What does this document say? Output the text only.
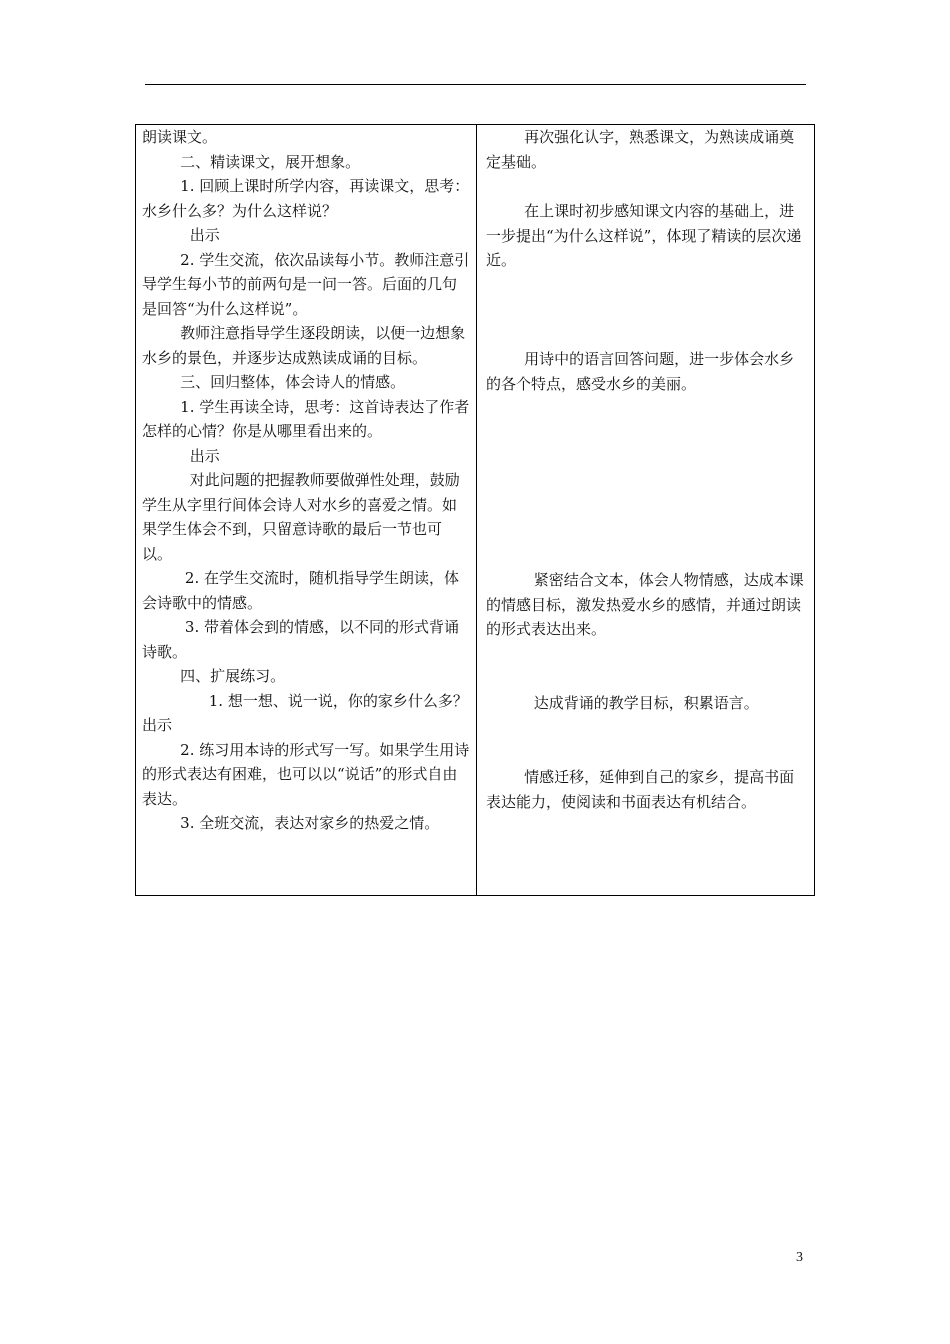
朗读课文。

二、精读课文，展开想象。

1. 回顾上课时所学内容，再读课文，思考：水乡什么多？为什么这样说？

出示

2. 学生交流，依次品读每小节。教师注意引导学生每小节的前两句是一问一答。后面的几句是回答“为什么这样说”。

教师注意指导学生逐段朗读，以便一边想象水乡的景色，并逐步达成熟读成诵的目标。

三、回归整体，体会诗人的情感。

1. 学生再读全诗，思考：这首诗表达了作者怎样的心情？你是从哪里看出来的。

出示

对此问题的把握教师要做弹性处理，鼓励学生从字里行间体会诗人对水乡的喜爱之情。如果学生体会不到，只留意诗歌的最后一节也可以。

2. 在学生交流时，随机指导学生朗读，体会诗歌中的情感。

3. 带着体会到的情感，以不同的形式背诵诗歌。

四、扩展练习。

1. 想一想、说一说，你的家乡什么多？出示

2. 练习用本诗的形式写一写。如果学生用诗的形式表达有困难，也可以以“说话”的形式自由表达。

3. 全班交流，表达对家乡的热爱之情。

再次强化认字，熟悉课文，为熟读成诵奠定基础。

在上课时初步感知课文内容的基础上，进一步提出“为什么这样说”，体现了精读的层次递近。

用诗中的语言回答问题，进一步体会水乡的各个特点，感受水乡的美丽。

紧密结合文本，体会人物情感，达成本课的情感目标，激发热爱水乡的感情，并通过朗读的形式表达出来。

达成背诵的教学目标，积累语言。

情感迁移，延伸到自己的家乡，提高书面表达能力，使阅读和书面表达有机结合。

3
